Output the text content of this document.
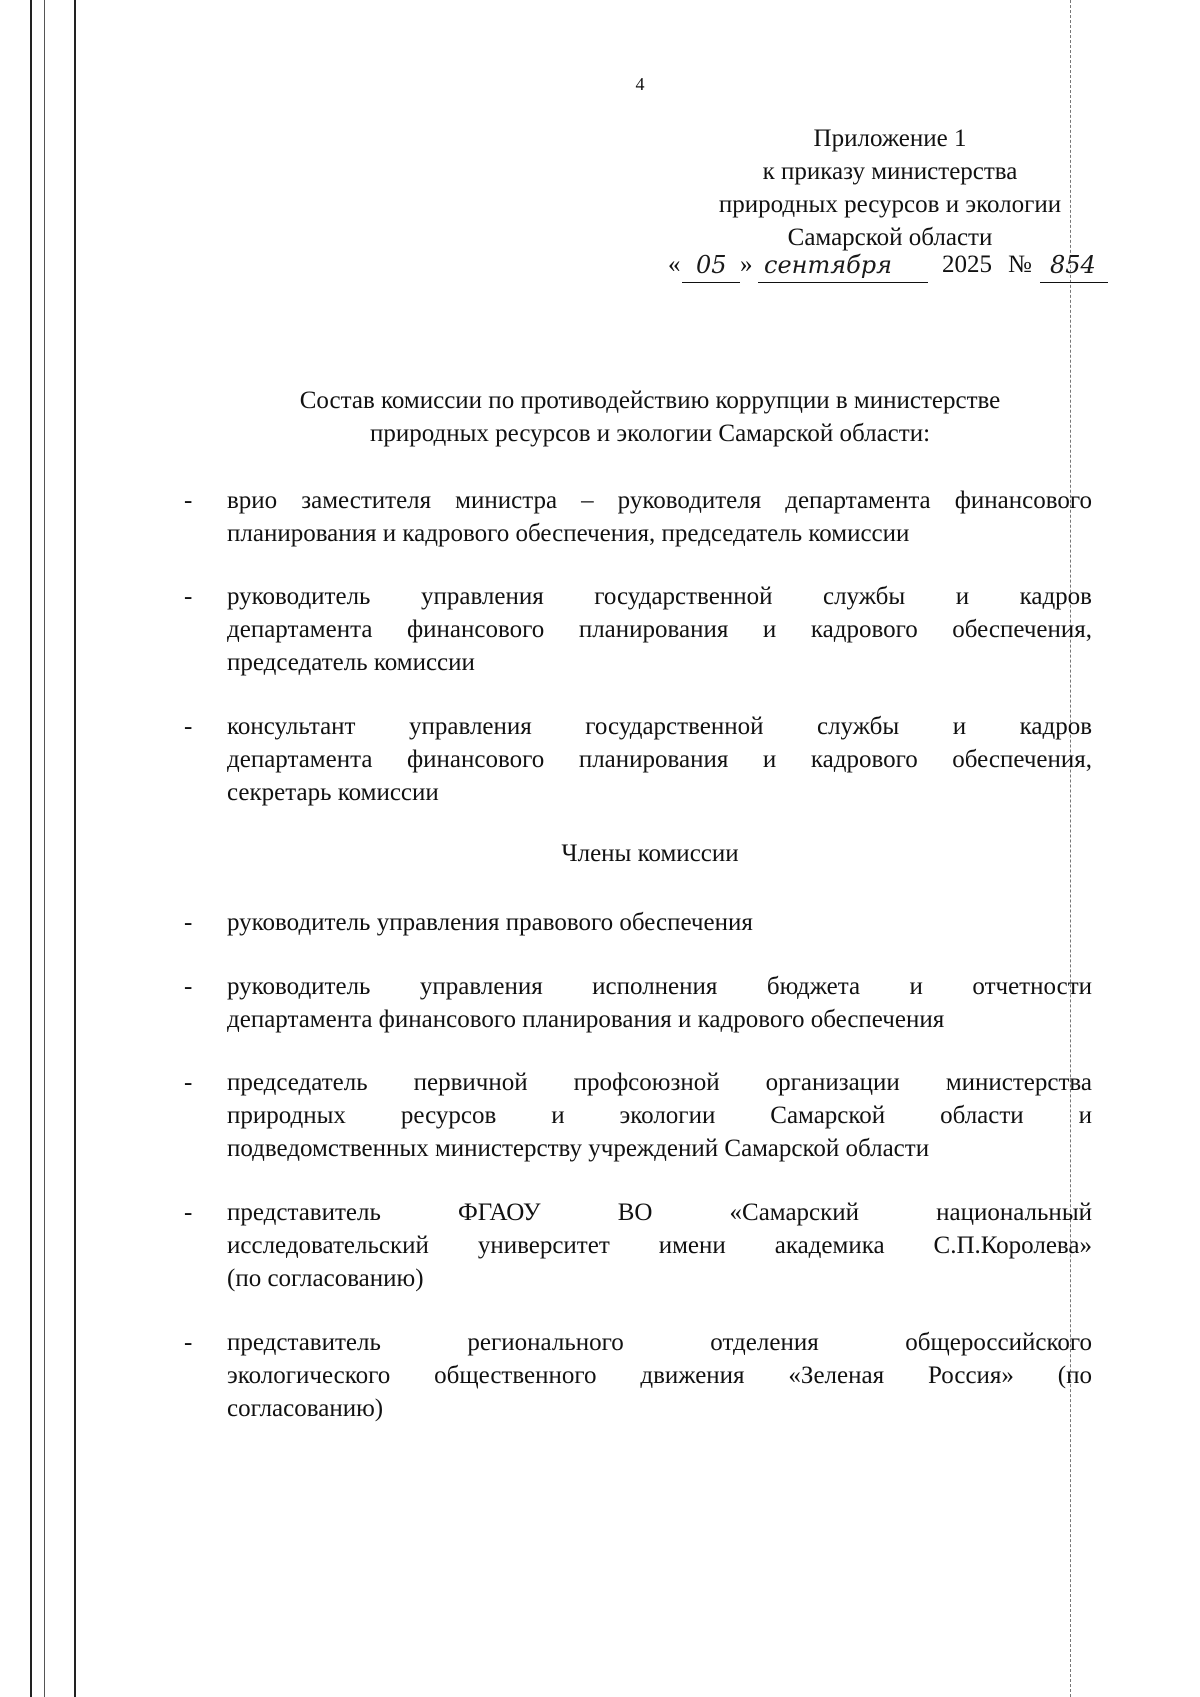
4
Приложение 1
к приказу министерства
природных ресурсов и экологии
Самарской области
« 05 » сентября 2025 № 854
Состав комиссии по противодействию коррупции в министерстве
природных ресурсов и экологии Самарской области:
- врио заместителя министра – руководителя департамента финансового
планирования и кадрового обеспечения, председатель комиссии
- руководитель управления государственной службы и кадров
департамента финансового планирования и кадрового обеспечения,
председатель комиссии
- консультант управления государственной службы и кадров
департамента финансового планирования и кадрового обеспечения,
секретарь комиссии
Члены комиссии
- руководитель управления правового обеспечения
- руководитель управления исполнения бюджета и отчетности
департамента финансового планирования и кадрового обеспечения
- председатель первичной профсоюзной организации министерства
природных ресурсов и экологии Самарской области и
подведомственных министерству учреждений Самарской области
- представитель ФГАОУ ВО «Самарский национальный
исследовательский университет имени академика С.П.Королева»
(по согласованию)
- представитель регионального отделения общероссийского
экологического общественного движения «Зеленая Россия» (по
согласованию)
